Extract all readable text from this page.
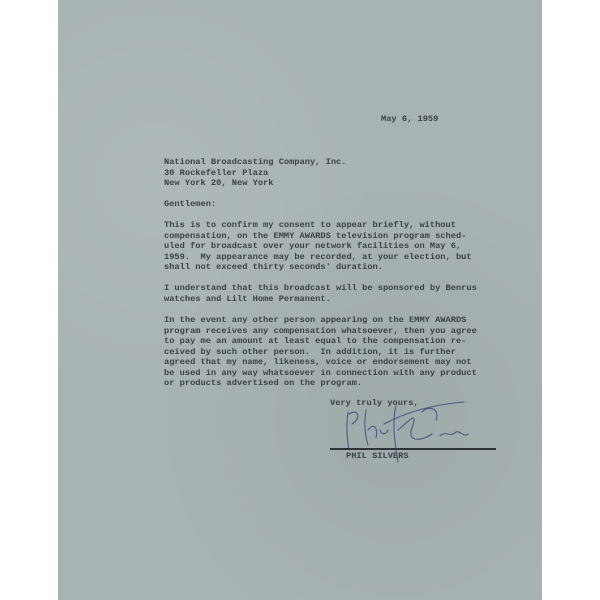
May 6, 1959
National Broadcasting Company, Inc.
30 Rockefeller Plaza
New York 20, New York
Gentlemen:
This is to confirm my consent to appear briefly, without
compensation, on the EMMY AWARDS television program sched-
uled for broadcast over your network facilities on May 6,
1959.  My appearance may be recorded, at your election, but
shall not exceed thirty seconds' duration.
I understand that this broadcast will be sponsored by Benrus
watches and Lilt Home Permanent.
In the event any other person appearing on the EMMY AWARDS
program receives any compensation whatsoever, then you agree
to pay me an amount at least equal to the compensation re-
ceived by such other person.  In addition, it is further
agreed that my name, likeness, voice or endorsement may not
be used in any way whatsoever in connection with any product
or products advertised on the program.
Very truly yours,
PHIL SILVERS
